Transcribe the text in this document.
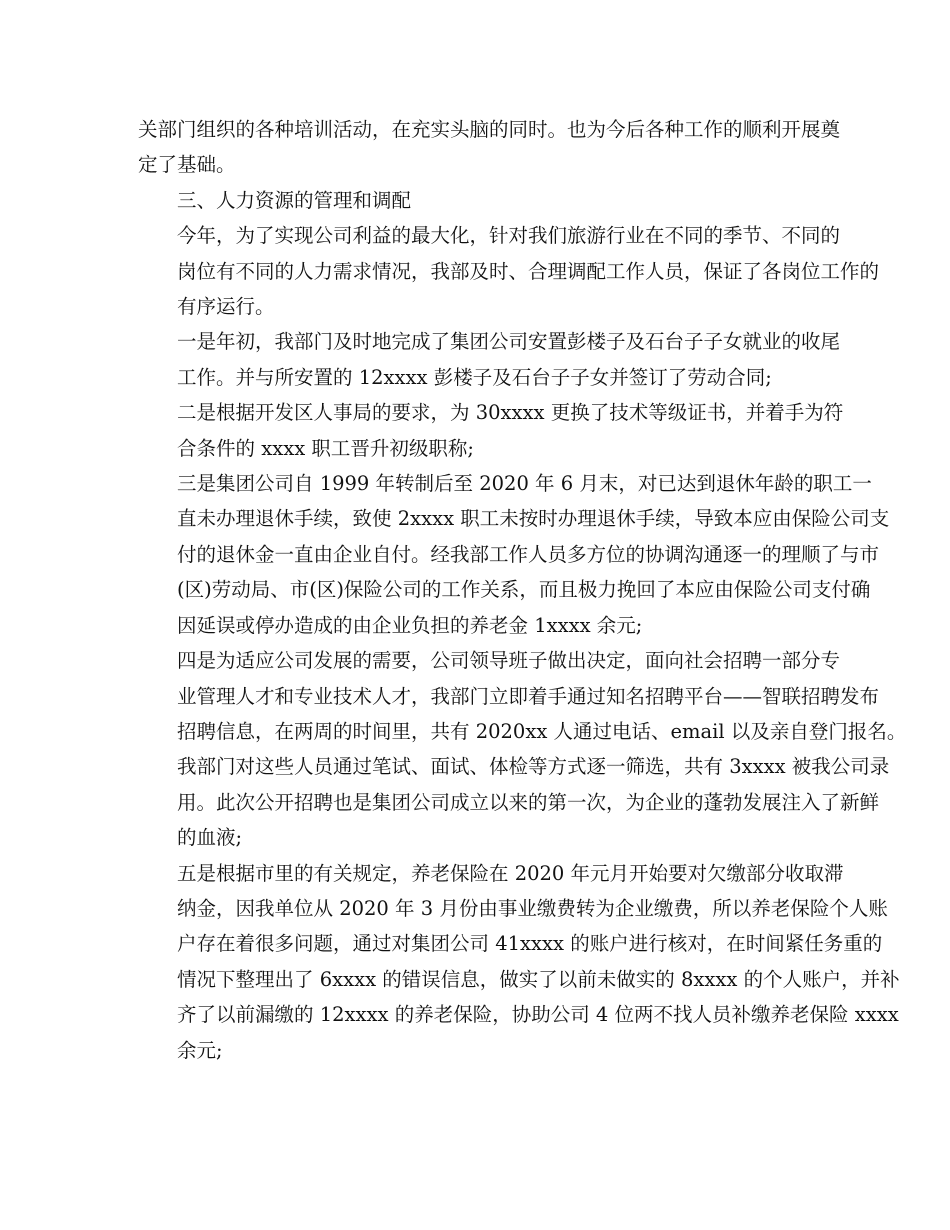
关部门组织的各种培训活动，在充实头脑的同时。也为今后各种工作的顺利开展奠
定了基础。

三、人力资源的管理和调配

今年，为了实现公司利益的最大化，针对我们旅游行业在不同的季节、不同的
岗位有不同的人力需求情况，我部及时、合理调配工作人员，保证了各岗位工作的
有序运行。

一是年初，我部门及时地完成了集团公司安置彭楼子及石台子子女就业的收尾
工作。并与所安置的 12xxxx 彭楼子及石台子子女并签订了劳动合同;

二是根据开发区人事局的要求，为 30xxxx 更换了技术等级证书，并着手为符
合条件的 xxxx 职工晋升初级职称;

三是集团公司自 1999 年转制后至 2020 年 6 月末，对已达到退休年龄的职工一
直未办理退休手续，致使 2xxxx 职工未按时办理退休手续，导致本应由保险公司支
付的退休金一直由企业自付。经我部工作人员多方位的协调沟通逐一的理顺了与市
(区)劳动局、市(区)保险公司的工作关系，而且极力挽回了本应由保险公司支付确
因延误或停办造成的由企业负担的养老金 1xxxx 余元;

四是为适应公司发展的需要，公司领导班子做出决定，面向社会招聘一部分专
业管理人才和专业技术人才，我部门立即着手通过知名招聘平台——智联招聘发布
招聘信息，在两周的时间里，共有 2020xx 人通过电话、email 以及亲自登门报名。
我部门对这些人员通过笔试、面试、体检等方式逐一筛选，共有 3xxxx 被我公司录
用。此次公开招聘也是集团公司成立以来的第一次，为企业的蓬勃发展注入了新鲜
的血液;

五是根据市里的有关规定，养老保险在 2020 年元月开始要对欠缴部分收取滞
纳金，因我单位从 2020 年 3 月份由事业缴费转为企业缴费，所以养老保险个人账
户存在着很多问题，通过对集团公司 41xxxx 的账户进行核对，在时间紧任务重的
情况下整理出了 6xxxx 的错误信息，做实了以前未做实的 8xxxx 的个人账户，并补
齐了以前漏缴的 12xxxx 的养老保险，协助公司 4 位两不找人员补缴养老保险 xxxx
余元;
